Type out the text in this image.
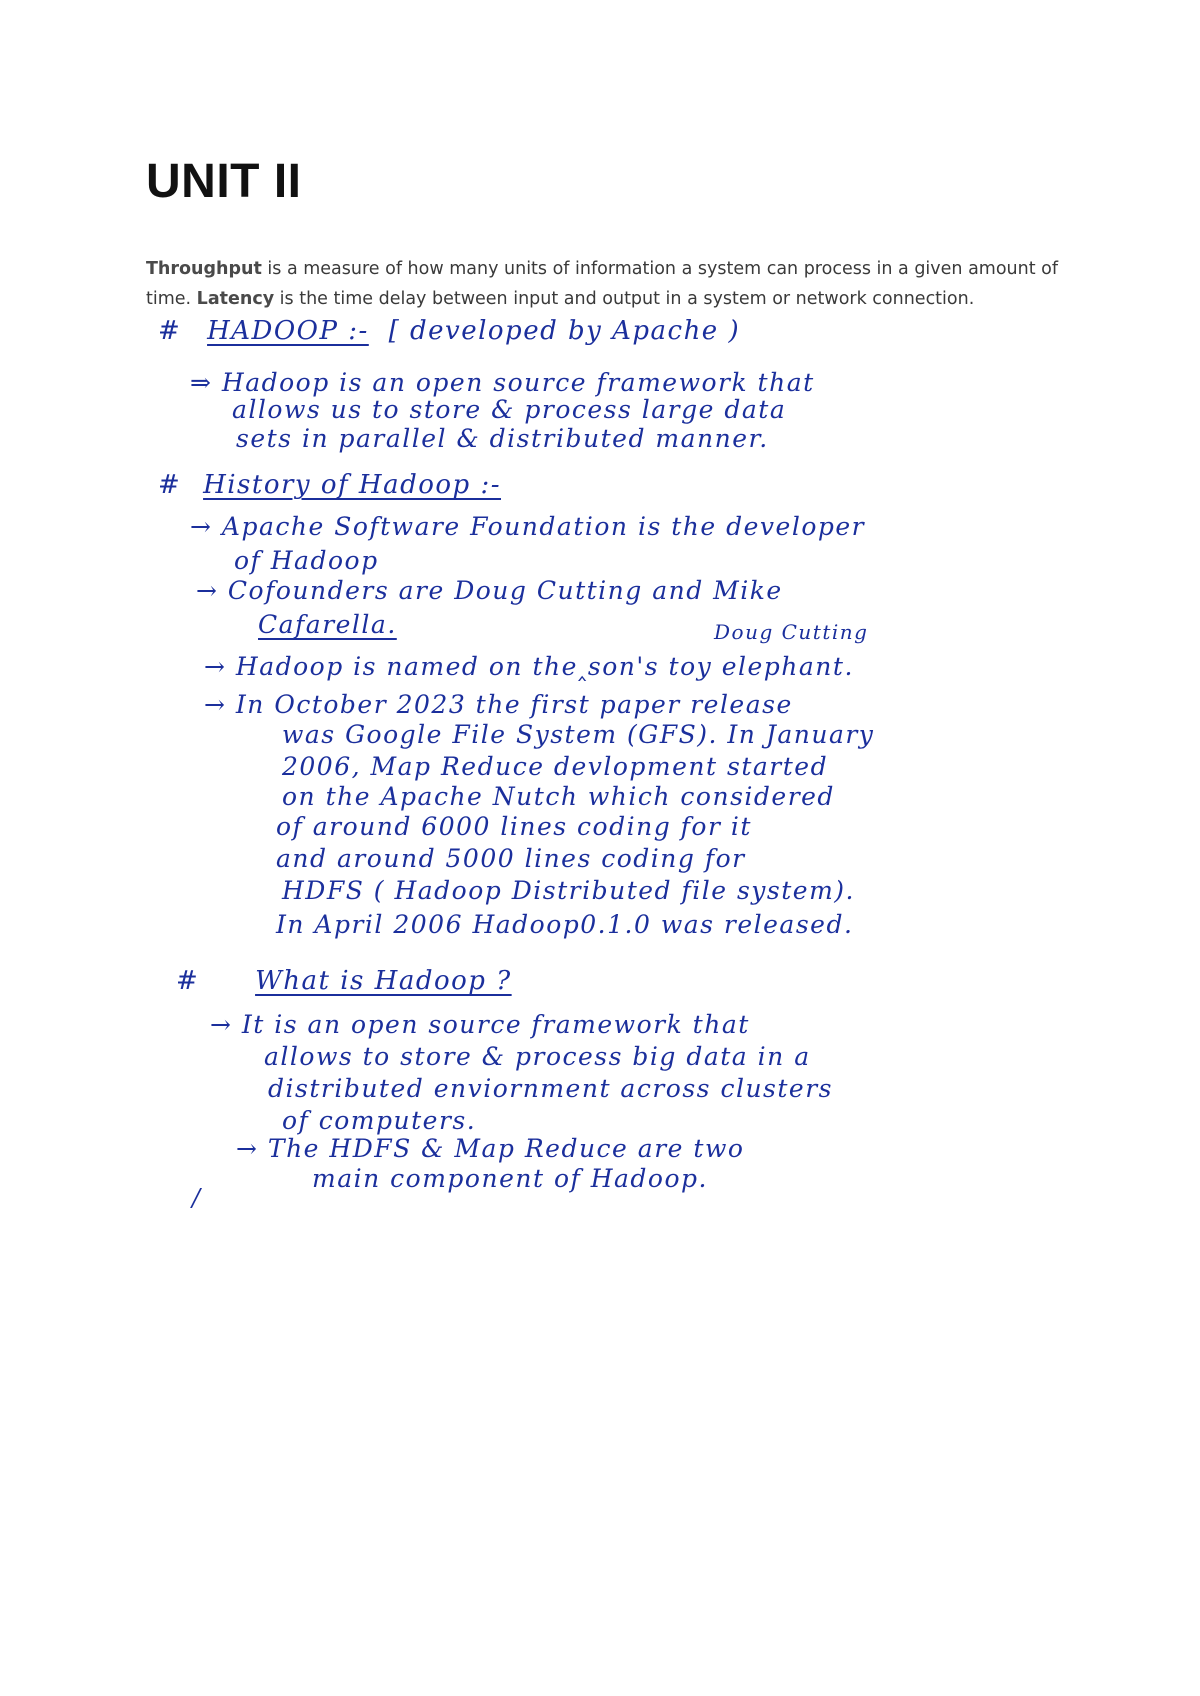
UNIT II

Throughput is a measure of how many units of information a system can process in a given amount of time. Latency is the time delay between input and output in a system or network connection.

# HADOOP :- [ developed by Apache )
⇒ Hadoop is an open source framework that
allows us to store & process large data
sets in parallel & distributed manner.
# History of Hadoop :-
→ Apache Software Foundation is the developer
of Hadoop
→ Cofounders are Doug Cutting and Mike
Cafarella.	Doug Cutting
→ Hadoop is named on the‸son's toy elephant.
→ In October 2023 the first paper release
was Google File System (GFS). In January
2006, Map Reduce devlopment started
on the Apache Nutch which considered
of around 6000 lines coding for it
and around 5000 lines coding for
HDFS ( Hadoop Distributed file system).
In April 2006 Hadoop0.1.0 was released.
# What is Hadoop ?
→ It is an open source framework that
allows to store & process big data in a
distributed enviornment across clusters
of computers.
→ The HDFS & Map Reduce are two
main component of Hadoop.
/
